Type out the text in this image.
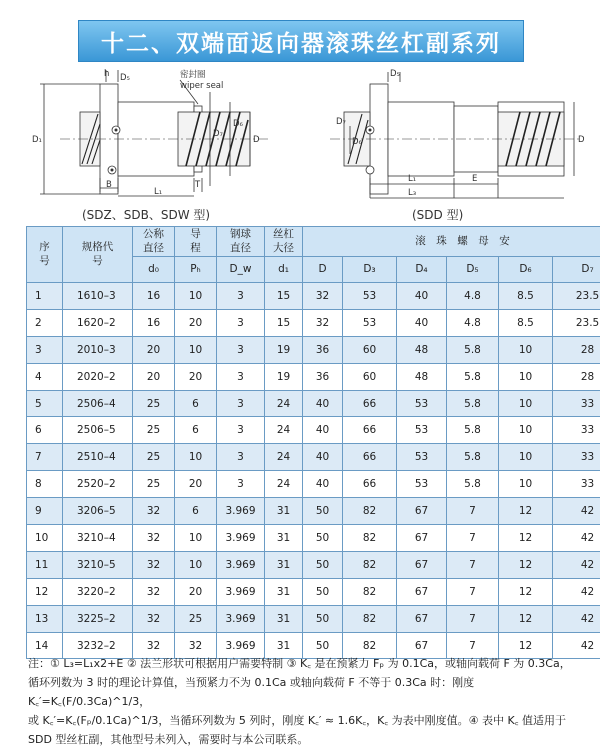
十二、双端面返向器滚珠丝杠副系列
D₁
h D₅	密封圈
wiper seal
D₇
D₆
D
B
L₁
T
(SDZ、SDB、SDW 型)
D₅
D₆
D₇
D
L₁	E
L₃
(SDD 型)
序号	规格代号	公称直径	导程	钢球直径	丝杠大径	滚　珠　螺　母　安					
		d₀	Pₕ	D_w	d₁	D	D₃	D₄	D₅	D₆	D₇
1	1610–3	16	10	3	15	32	53	40	4.8	8.5	23.5
2	1620–2	16	20	3	15	32	53	40	4.8	8.5	23.5
3	2010–3	20	10	3	19	36	60	48	5.8	10	28
4	2020–2	20	20	3	19	36	60	48	5.8	10	28
5	2506–4	25	6	3	24	40	66	53	5.8	10	33
6	2506–5	25	6	3	24	40	66	53	5.8	10	33
7	2510–4	25	10	3	24	40	66	53	5.8	10	33
8	2520–2	25	20	3	24	40	66	53	5.8	10	33
9	3206–5	32	6	3.969	31	50	82	67	7	12	42
10	3210–4	32	10	3.969	31	50	82	67	7	12	42
11	3210–5	32	10	3.969	31	50	82	67	7	12	42
12	3220–2	32	20	3.969	31	50	82	67	7	12	42
13	3225–2	32	25	3.969	31	50	82	67	7	12	42
14	3232–2	32	32	3.969	31	50	82	67	7	12	42
注：① L₃=L₁x2+E ② 法兰形状可根据用户需要特制 ③ K꜀ 是在预紧力 Fₚ 为 0.1Ca，或轴向载荷 F 为 0.3Ca，
循环列数为 3 时的理论计算值，当预紧力不为 0.1Ca 或轴向载荷 F 不等于 0.3Ca 时：刚度 K꜀′=K꜀(F/0.3Ca)^1/3，
或 K꜀′=K꜀(Fₚ/0.1Ca)^1/3，当循环列数为 5 列时，刚度 K꜀′ ≈ 1.6K꜀，K꜀ 为表中刚度值。④ 表中 K꜀ 值适用于
SDD 型丝杠副，其他型号未列入，需要时与本公司联系。
